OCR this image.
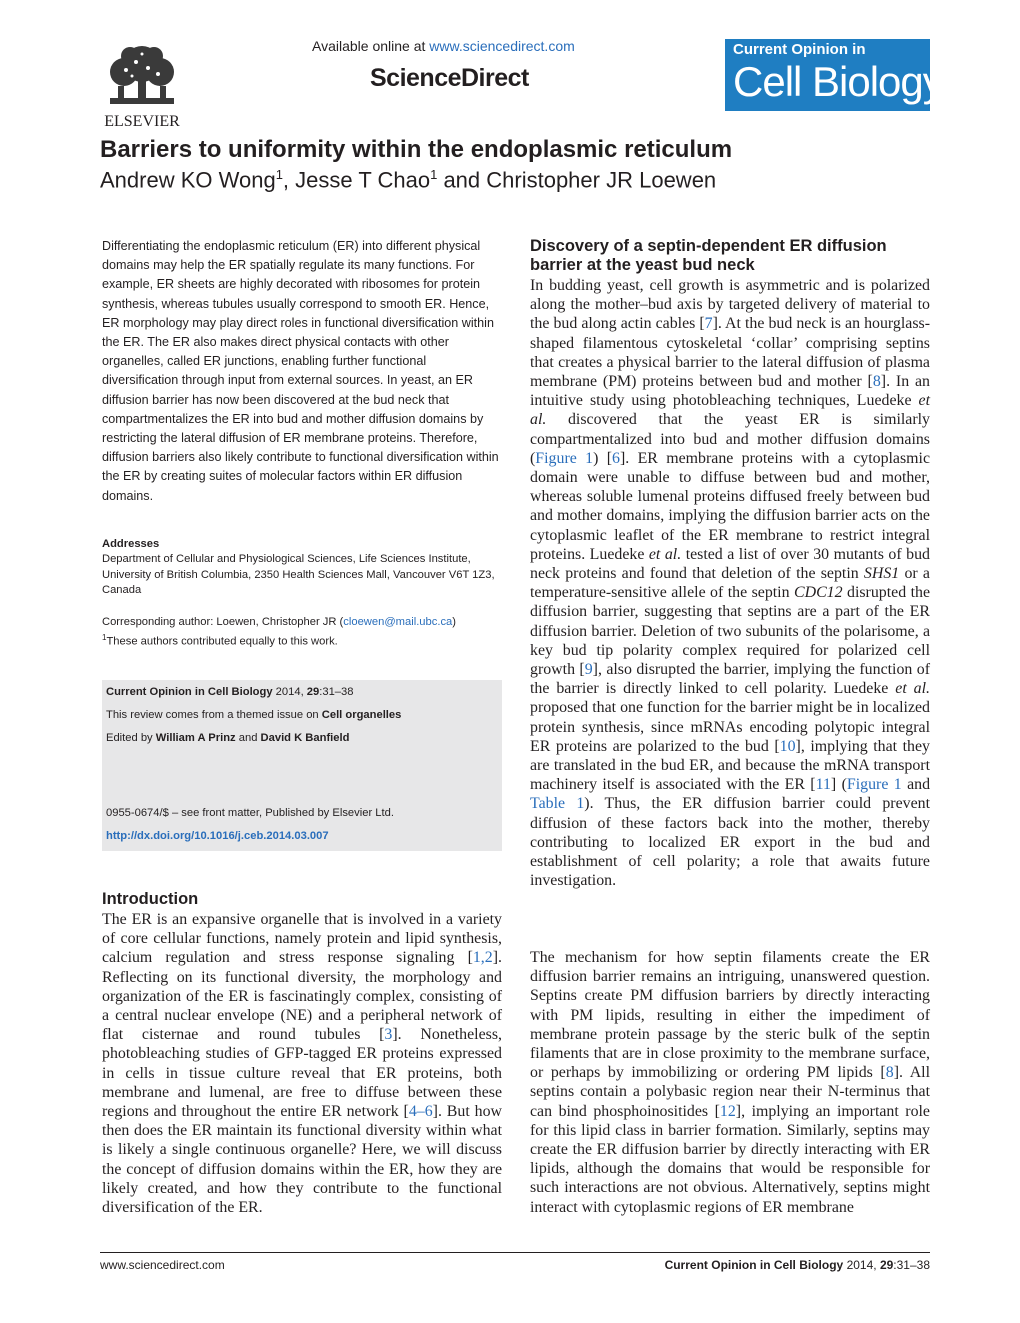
ELSEVIER
Available online at www.sciencedirect.com
ScienceDirect
Current Opinion in
Cell Biology
Barriers to uniformity within the endoplasmic reticulum
Andrew KO Wong$^1$, Jesse T Chao$^1$ and Christopher JR Loewen
Differentiating the endoplasmic reticulum (ER) into different physical domains may help the ER spatially regulate its many functions. For example, ER sheets are highly decorated with ribosomes for protein synthesis, whereas tubules usually correspond to smooth ER. Hence, ER morphology may play direct roles in functional diversification within the ER. The ER also makes direct physical contacts with other organelles, called ER junctions, enabling further functional diversification through input from external sources. In yeast, an ER diffusion barrier has now been discovered at the bud neck that compartmentalizes the ER into bud and mother diffusion domains by restricting the lateral diffusion of ER membrane proteins. Therefore, diffusion barriers also likely contribute to functional diversification within the ER by creating suites of molecular factors within ER diffusion domains.
Addresses
Department of Cellular and Physiological Sciences, Life Sciences Institute, University of British Columbia, 2350 Health Sciences Mall, Vancouver V6T 1Z3, Canada
Corresponding author: Loewen, Christopher JR (cloewen@mail.ubc.ca)
$^1$These authors contributed equally to this work.
Current Opinion in Cell Biology 2014, 29:31–38
This review comes from a themed issue on Cell organelles
Edited by William A Prinz and David K Banfield
0955-0674/$ – see front matter, Published by Elsevier Ltd.
http://dx.doi.org/10.1016/j.ceb.2014.03.007
Introduction
The ER is an expansive organelle that is involved in a variety of core cellular functions, namely protein and lipid synthesis, calcium regulation and stress response signaling [1,2]. Reflecting on its functional diversity, the morphology and organization of the ER is fascinatingly complex, consisting of a central nuclear envelope (NE) and a peripheral network of flat cisternae and round tubules [3]. Nonetheless, photobleaching studies of GFP-tagged ER proteins expressed in cells in tissue culture reveal that ER proteins, both membrane and lumenal, are free to diffuse between these regions and throughout the entire ER network [4–6]. But how then does the ER maintain its functional diversity within what is likely a single continuous organelle? Here, we will discuss the concept of diffusion domains within the ER, how they are likely created, and how they contribute to the functional diversification of the ER.
Discovery of a septin-dependent ER diffusion barrier at the yeast bud neck
In budding yeast, cell growth is asymmetric and is polarized along the mother–bud axis by targeted delivery of material to the bud along actin cables [7]. At the bud neck is an hourglass-shaped filamentous cytoskeletal ‘collar’ comprising septins that creates a physical barrier to the lateral diffusion of plasma membrane (PM) proteins between bud and mother [8]. In an intuitive study using photobleaching techniques, Luedeke et al. discovered that the yeast ER is similarly compartmentalized into bud and mother diffusion domains (Figure 1) [6]. ER membrane proteins with a cytoplasmic domain were unable to diffuse between bud and mother, whereas soluble lumenal proteins diffused freely between bud and mother domains, implying the diffusion barrier acts on the cytoplasmic leaflet of the ER membrane to restrict integral proteins. Luedeke et al. tested a list of over 30 mutants of bud neck proteins and found that deletion of the septin SHS1 or a temperature-sensitive allele of the septin CDC12 disrupted the diffusion barrier, suggesting that septins are a part of the ER diffusion barrier. Deletion of two subunits of the polarisome, a key bud tip polarity complex required for polarized cell growth [9], also disrupted the barrier, implying the function of the barrier is directly linked to cell polarity. Luedeke et al. proposed that one function for the barrier might be in localized protein synthesis, since mRNAs encoding polytopic integral ER proteins are polarized to the bud [10], implying that they are translated in the bud ER, and because the mRNA transport machinery itself is associated with the ER [11] (Figure 1 and Table 1). Thus, the ER diffusion barrier could prevent diffusion of these factors back into the mother, thereby contributing to localized ER export in the bud and establishment of cell polarity; a role that awaits future investigation.
The mechanism for how septin filaments create the ER diffusion barrier remains an intriguing, unanswered question. Septins create PM diffusion barriers by directly interacting with PM lipids, resulting in either the impediment of membrane protein passage by the steric bulk of the septin filaments that are in close proximity to the membrane surface, or perhaps by immobilizing or ordering PM lipids [8]. All septins contain a polybasic region near their N-terminus that can bind phosphoinositides [12], implying an important role for this lipid class in barrier formation. Similarly, septins may create the ER diffusion barrier by directly interacting with ER lipids, although the domains that would be responsible for such interactions are not obvious. Alternatively, septins might interact with cytoplasmic regions of ER membrane
www.sciencedirect.com	Current Opinion in Cell Biology 2014, 29:31–38
